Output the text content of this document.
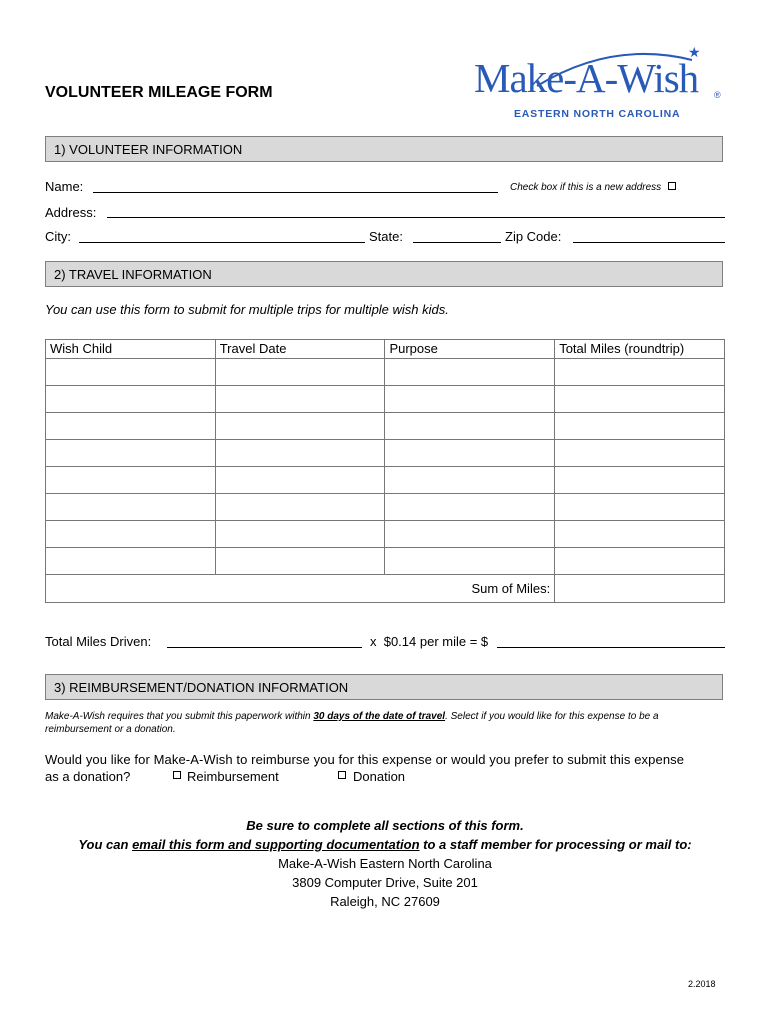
VOLUNTEER MILEAGE FORM
★
Make-A-Wish ®
EASTERN NORTH CAROLINA
1) VOLUNTEER INFORMATION
Name:	Check box if this is a new address
Address:
City:	State:	Zip Code:
2) TRAVEL INFORMATION
You can use this form to submit for multiple trips for multiple wish kids.
Wish Child	Travel Date	Purpose	Total Miles (roundtrip)

Sum of Miles:			
Total Miles Driven:	x  $0.14 per mile = $
3) REIMBURSEMENT/DONATION INFORMATION
Make-A-Wish requires that you submit this paperwork within 30 days of the date of travel. Select if you would like for this expense to be a reimbursement or a donation.
Would you like for Make-A-Wish to reimburse you for this expense or would you prefer to submit this expense
as a donation?	Reimbursement	Donation
Be sure to complete all sections of this form.
You can email this form and supporting documentation to a staff member for processing or mail to:
Make-A-Wish Eastern North Carolina
3809 Computer Drive, Suite 201
Raleigh, NC 27609
2.2018
